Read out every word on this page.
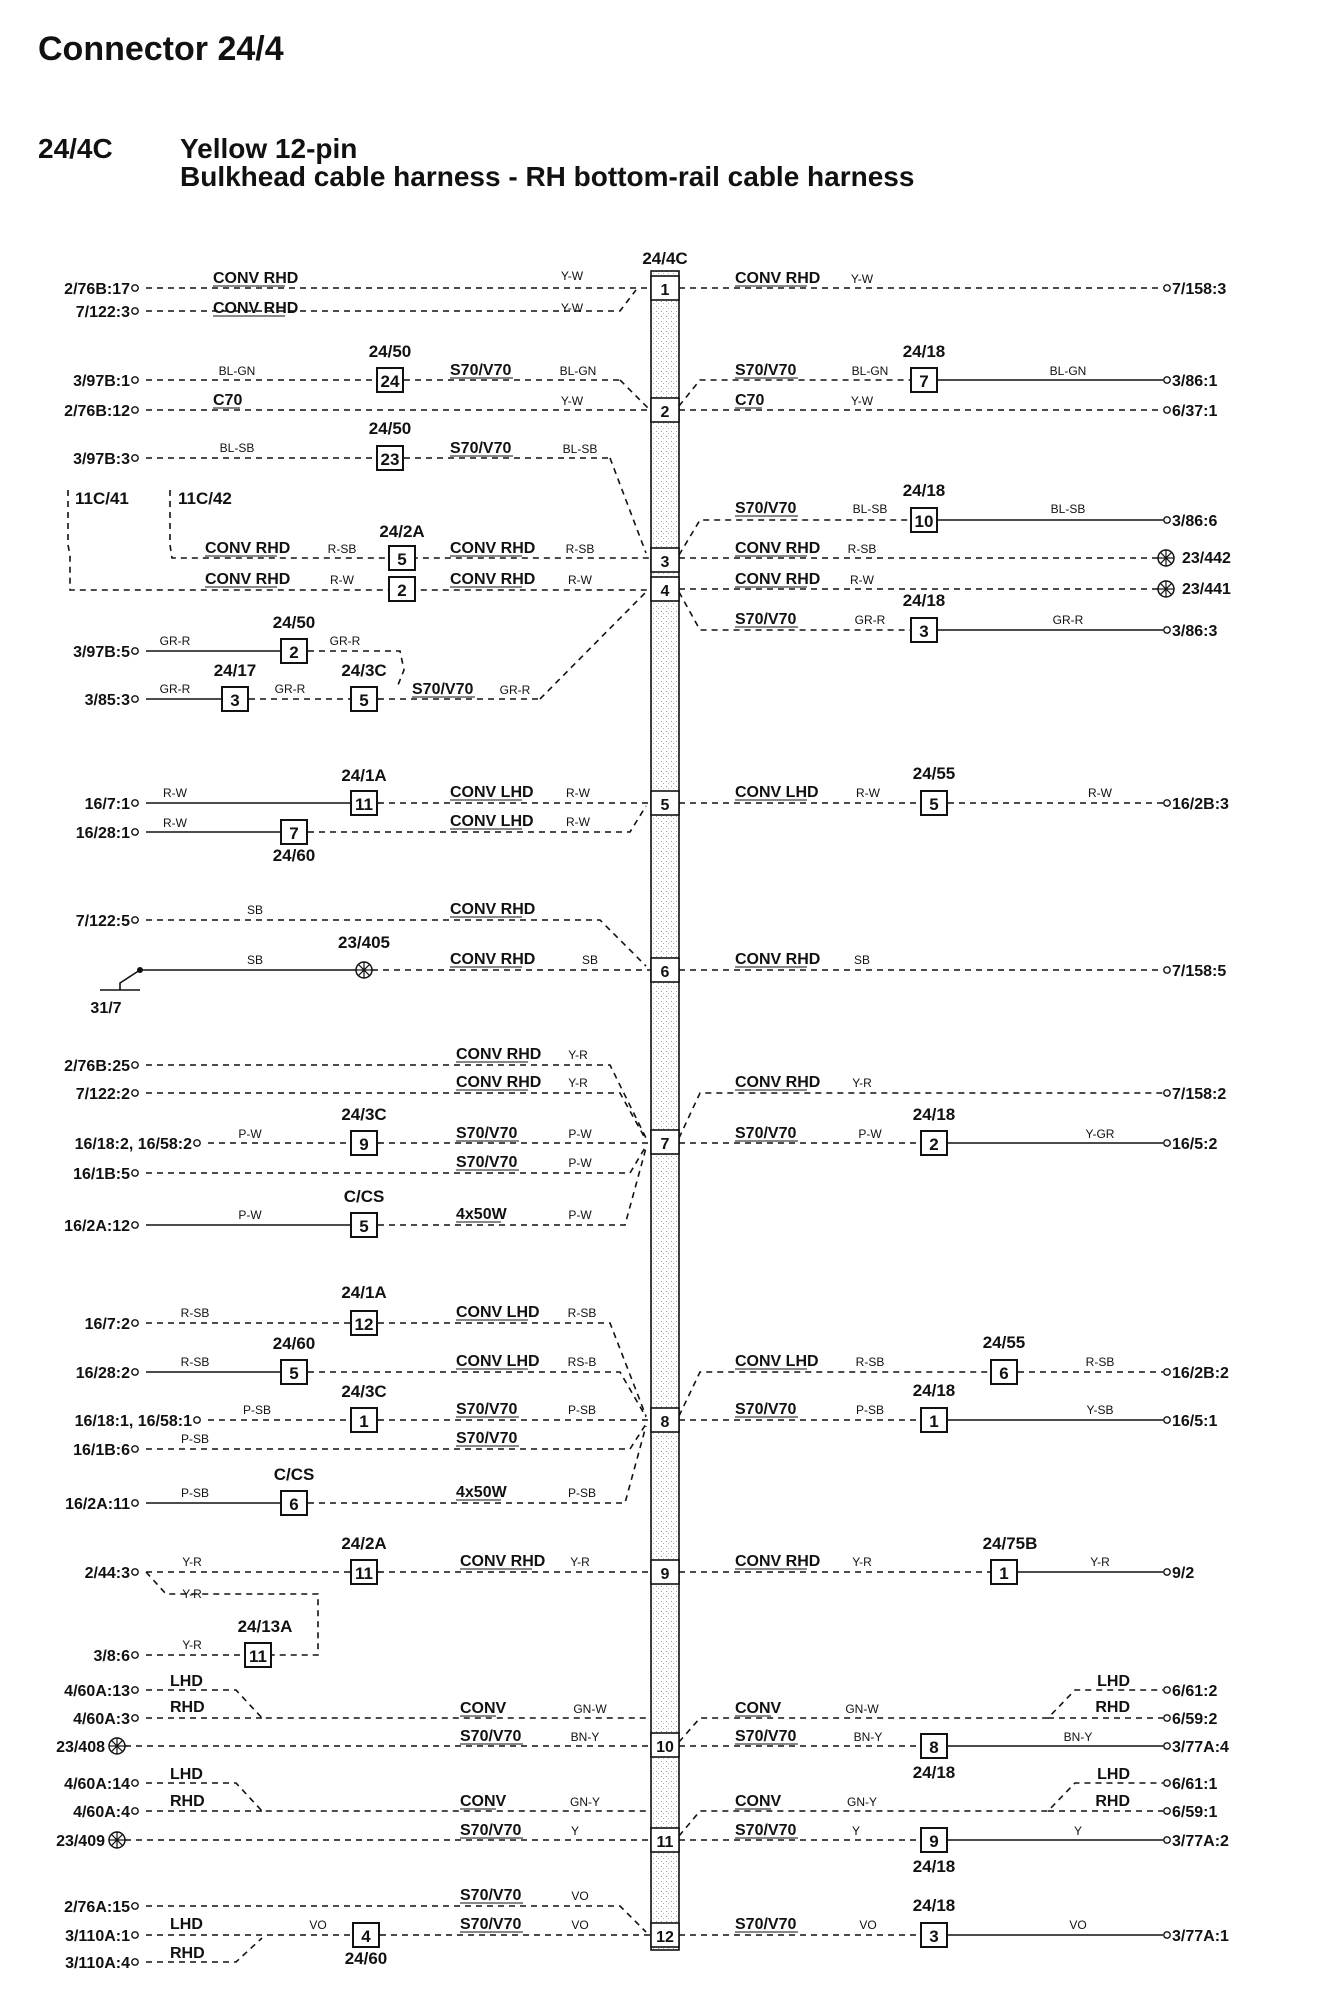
Connector 24/4
24/4C Yellow 12-pin
Bulkhead cable harness - RH bottom-rail cable harness
24/4C
1
2
3
4
5
6
7
8
9
10
11
12
2/76B:17
CONV RHD	Y-W
7/122:3	CONV RHD	Y-W
3/97B:1	24
BL-GN
24/50
S70/V70	BL-GN
2/76B:12
C70	Y-W
3/97B:3	23
BL-SB
24/50
S70/V70	BL-SB
11C/41	11C/42
5
2
CONV RHD	R-SB	CONV RHD	R-SB
CONV RHD	R-W	CONV RHD	R-W
24/2A
3/97B:5	2
GR-R
24/50
GR-R
3/85:3	3	5
GR-R	GR-R
24/17	24/3C
S70/V70 GR-R
16/7:1	11
R-W
24/1A
CONV LHD	R-W
16/28:1	7
R-W
24/60
CONV LHD	R-W
7/122:5
SB	CONV RHD
31/7
SB
23/405
CONV RHD	SB
2/76B:25
CONV RHD Y-R
7/122:2
CONV RHD Y-R
16/18:2, 16/58:2	9
P-W
24/3C
S70/V70	P-W
16/1B:5
S70/V70	P-W
16/2A:12	5
P-W
C/CS
4x50W	P-W
16/7:2	12
R-SB
24/1A
CONV LHD R-SB
16/28:2	5
R-SB
24/60
CONV LHD RS-B
16/18:1, 16/58:1	1
P-SB
24/3C
S70/V70	P-SB
16/1B:6
P-SB	S70/V70
16/2A:11	6
P-SB
C/CS
4x50W	P-SB
2/44:3	11
Y-R
Y-R
24/2A
CONV RHD Y-R
3/8:6	11
Y-R
24/13A
4/60A:13
LHD
4/60A:3
RHD
23/408
CONV	GN-W
S70/V70	BN-Y
4/60A:14
LHD
4/60A:4
RHD
23/409
CONV	GN-Y
S70/V70	Y
2/76A:15
S70/V70	VO
3/110A:1	4
LHD	VO
24/60
S70/V70	VO
3/110A:4
RHD
7/158:3
CONV RHD	Y-W
7	3/86:1
S70/V70	BL-GN
24/18
BL-GN
6/37:1
C70	Y-W
10	3/86:6
S70/V70	BL-SB
24/18
BL-SB
23/442
CONV RHD R-SB
23/441
CONV RHD R-W
3	3/86:3
S70/V70	GR-R
24/18
GR-R
5	16/2B:3
CONV LHD	R-W
24/55
R-W
7/158:5
CONV RHD	SB
7/158:2
CONV RHD	Y-R
2	16/5:2
S70/V70	P-W
24/18
Y-GR
6	16/2B:2
CONV LHD	R-SB
24/55
R-SB
1	16/5:1
S70/V70	P-SB
24/18
Y-SB
1	9/2
CONV RHD	Y-R
24/75B
Y-R
6/61:2
6/59:2
CONV	GN-W
LHD
RHD
8	3/77A:4
S70/V70	BN-Y
24/18
BN-Y
6/61:1
6/59:1
CONV	GN-Y
LHD
RHD
9	3/77A:2
S70/V70	Y
24/18
Y
3	3/77A:1
S70/V70	VO
24/18
VO
